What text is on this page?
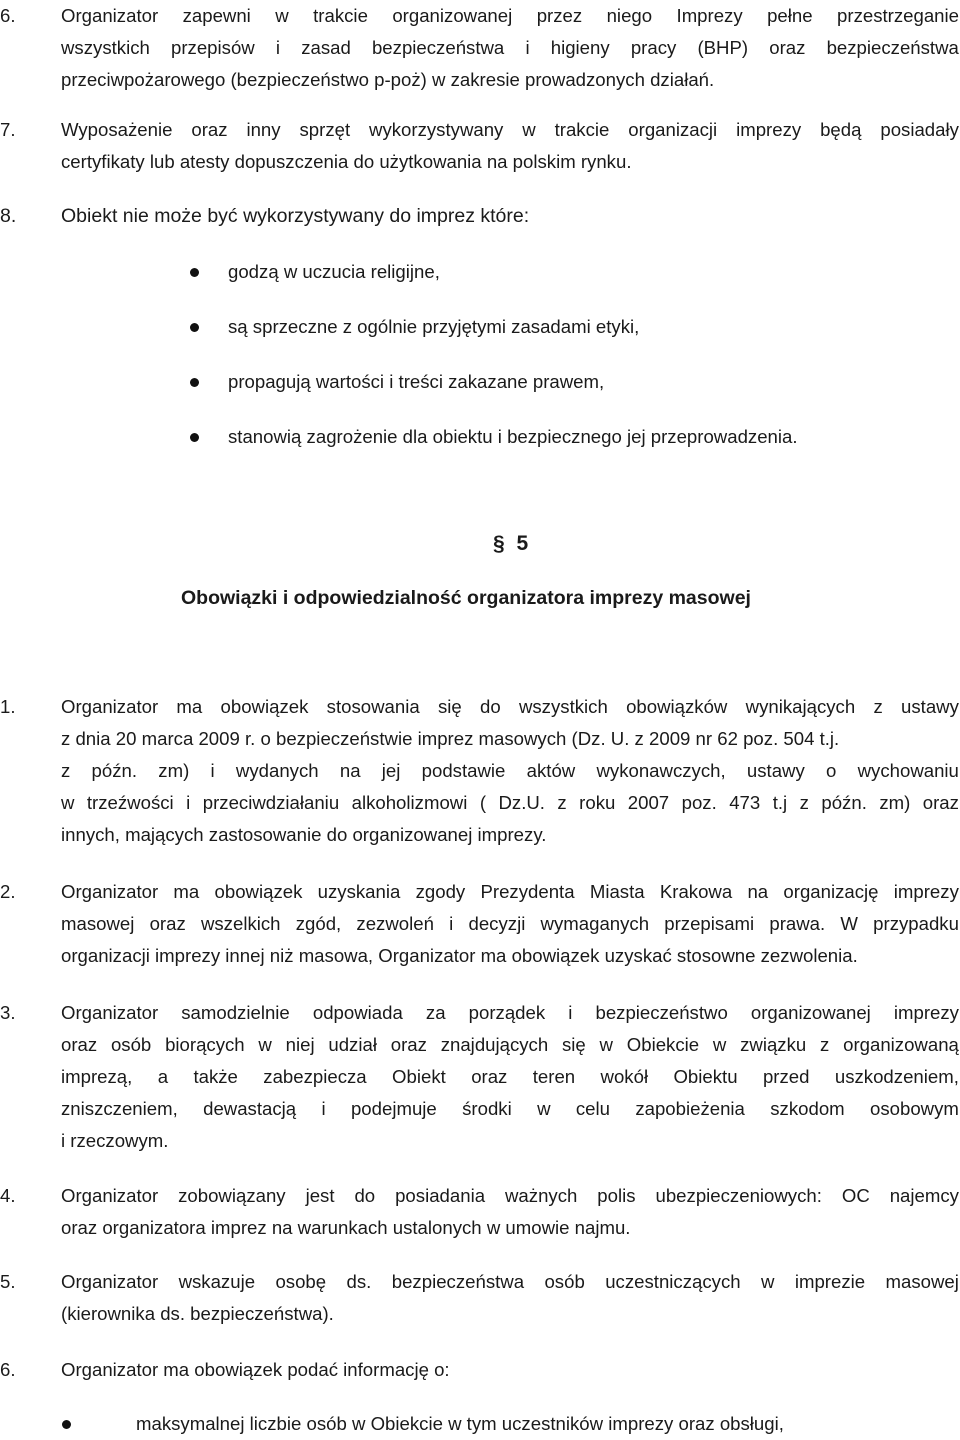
6.	Organizator zapewni w trakcie organizowanej przez niego Imprezy pełne przestrzeganie
wszystkich przepisów i zasad bezpieczeństwa i higieny pracy (BHP) oraz bezpieczeństwa
przeciwpożarowego (bezpieczeństwo p-poż) w zakresie prowadzonych działań.
7.	Wyposażenie oraz inny sprzęt wykorzystywany w trakcie organizacji imprezy będą posiadały
certyfikaty lub atesty dopuszczenia do użytkowania na polskim rynku.
8.	Obiekt nie może być wykorzystywany do imprez które:
godzą w uczucia religijne,
są sprzeczne z ogólnie przyjętymi zasadami etyki,
propagują wartości i treści zakazane prawem,
stanowią zagrożenie dla obiektu i bezpiecznego jej przeprowadzenia.
§ 5
Obowiązki i odpowiedzialność organizatora imprezy masowej
1.	Organizator ma obowiązek stosowania się do wszystkich obowiązków wynikających z ustawy
z dnia 20 marca 2009 r. o bezpieczeństwie imprez masowych (Dz. U. z 2009 nr 62 poz. 504 t.j.
z późn. zm) i wydanych na jej podstawie aktów wykonawczych, ustawy o wychowaniu
w trzeźwości i przeciwdziałaniu alkoholizmowi ( Dz.U. z roku 2007 poz. 473 t.j z późn. zm) oraz
innych, mających zastosowanie do organizowanej imprezy.
2.	Organizator ma obowiązek uzyskania zgody Prezydenta Miasta Krakowa na organizację imprezy
masowej oraz wszelkich zgód, zezwoleń i decyzji wymaganych przepisami prawa. W przypadku
organizacji imprezy innej niż masowa, Organizator ma obowiązek uzyskać stosowne zezwolenia.
3.	Organizator samodzielnie odpowiada za porządek i bezpieczeństwo organizowanej imprezy
oraz osób biorących w niej udział oraz znajdujących się w Obiekcie w związku z organizowaną
imprezą, a także zabezpiecza Obiekt oraz teren wokół Obiektu przed uszkodzeniem,
zniszczeniem, dewastacją i podejmuje środki w celu zapobieżenia szkodom osobowym
i rzeczowym.
4.	Organizator zobowiązany jest do posiadania ważnych polis ubezpieczeniowych: OC najemcy
oraz organizatora imprez na warunkach ustalonych w umowie najmu.
5.	Organizator wskazuje osobę ds. bezpieczeństwa osób uczestniczących w imprezie masowej
(kierownika ds. bezpieczeństwa).
6.	Organizator ma obowiązek podać informację o:
maksymalnej liczbie osób w Obiekcie w tym uczestników imprezy oraz obsługi,
